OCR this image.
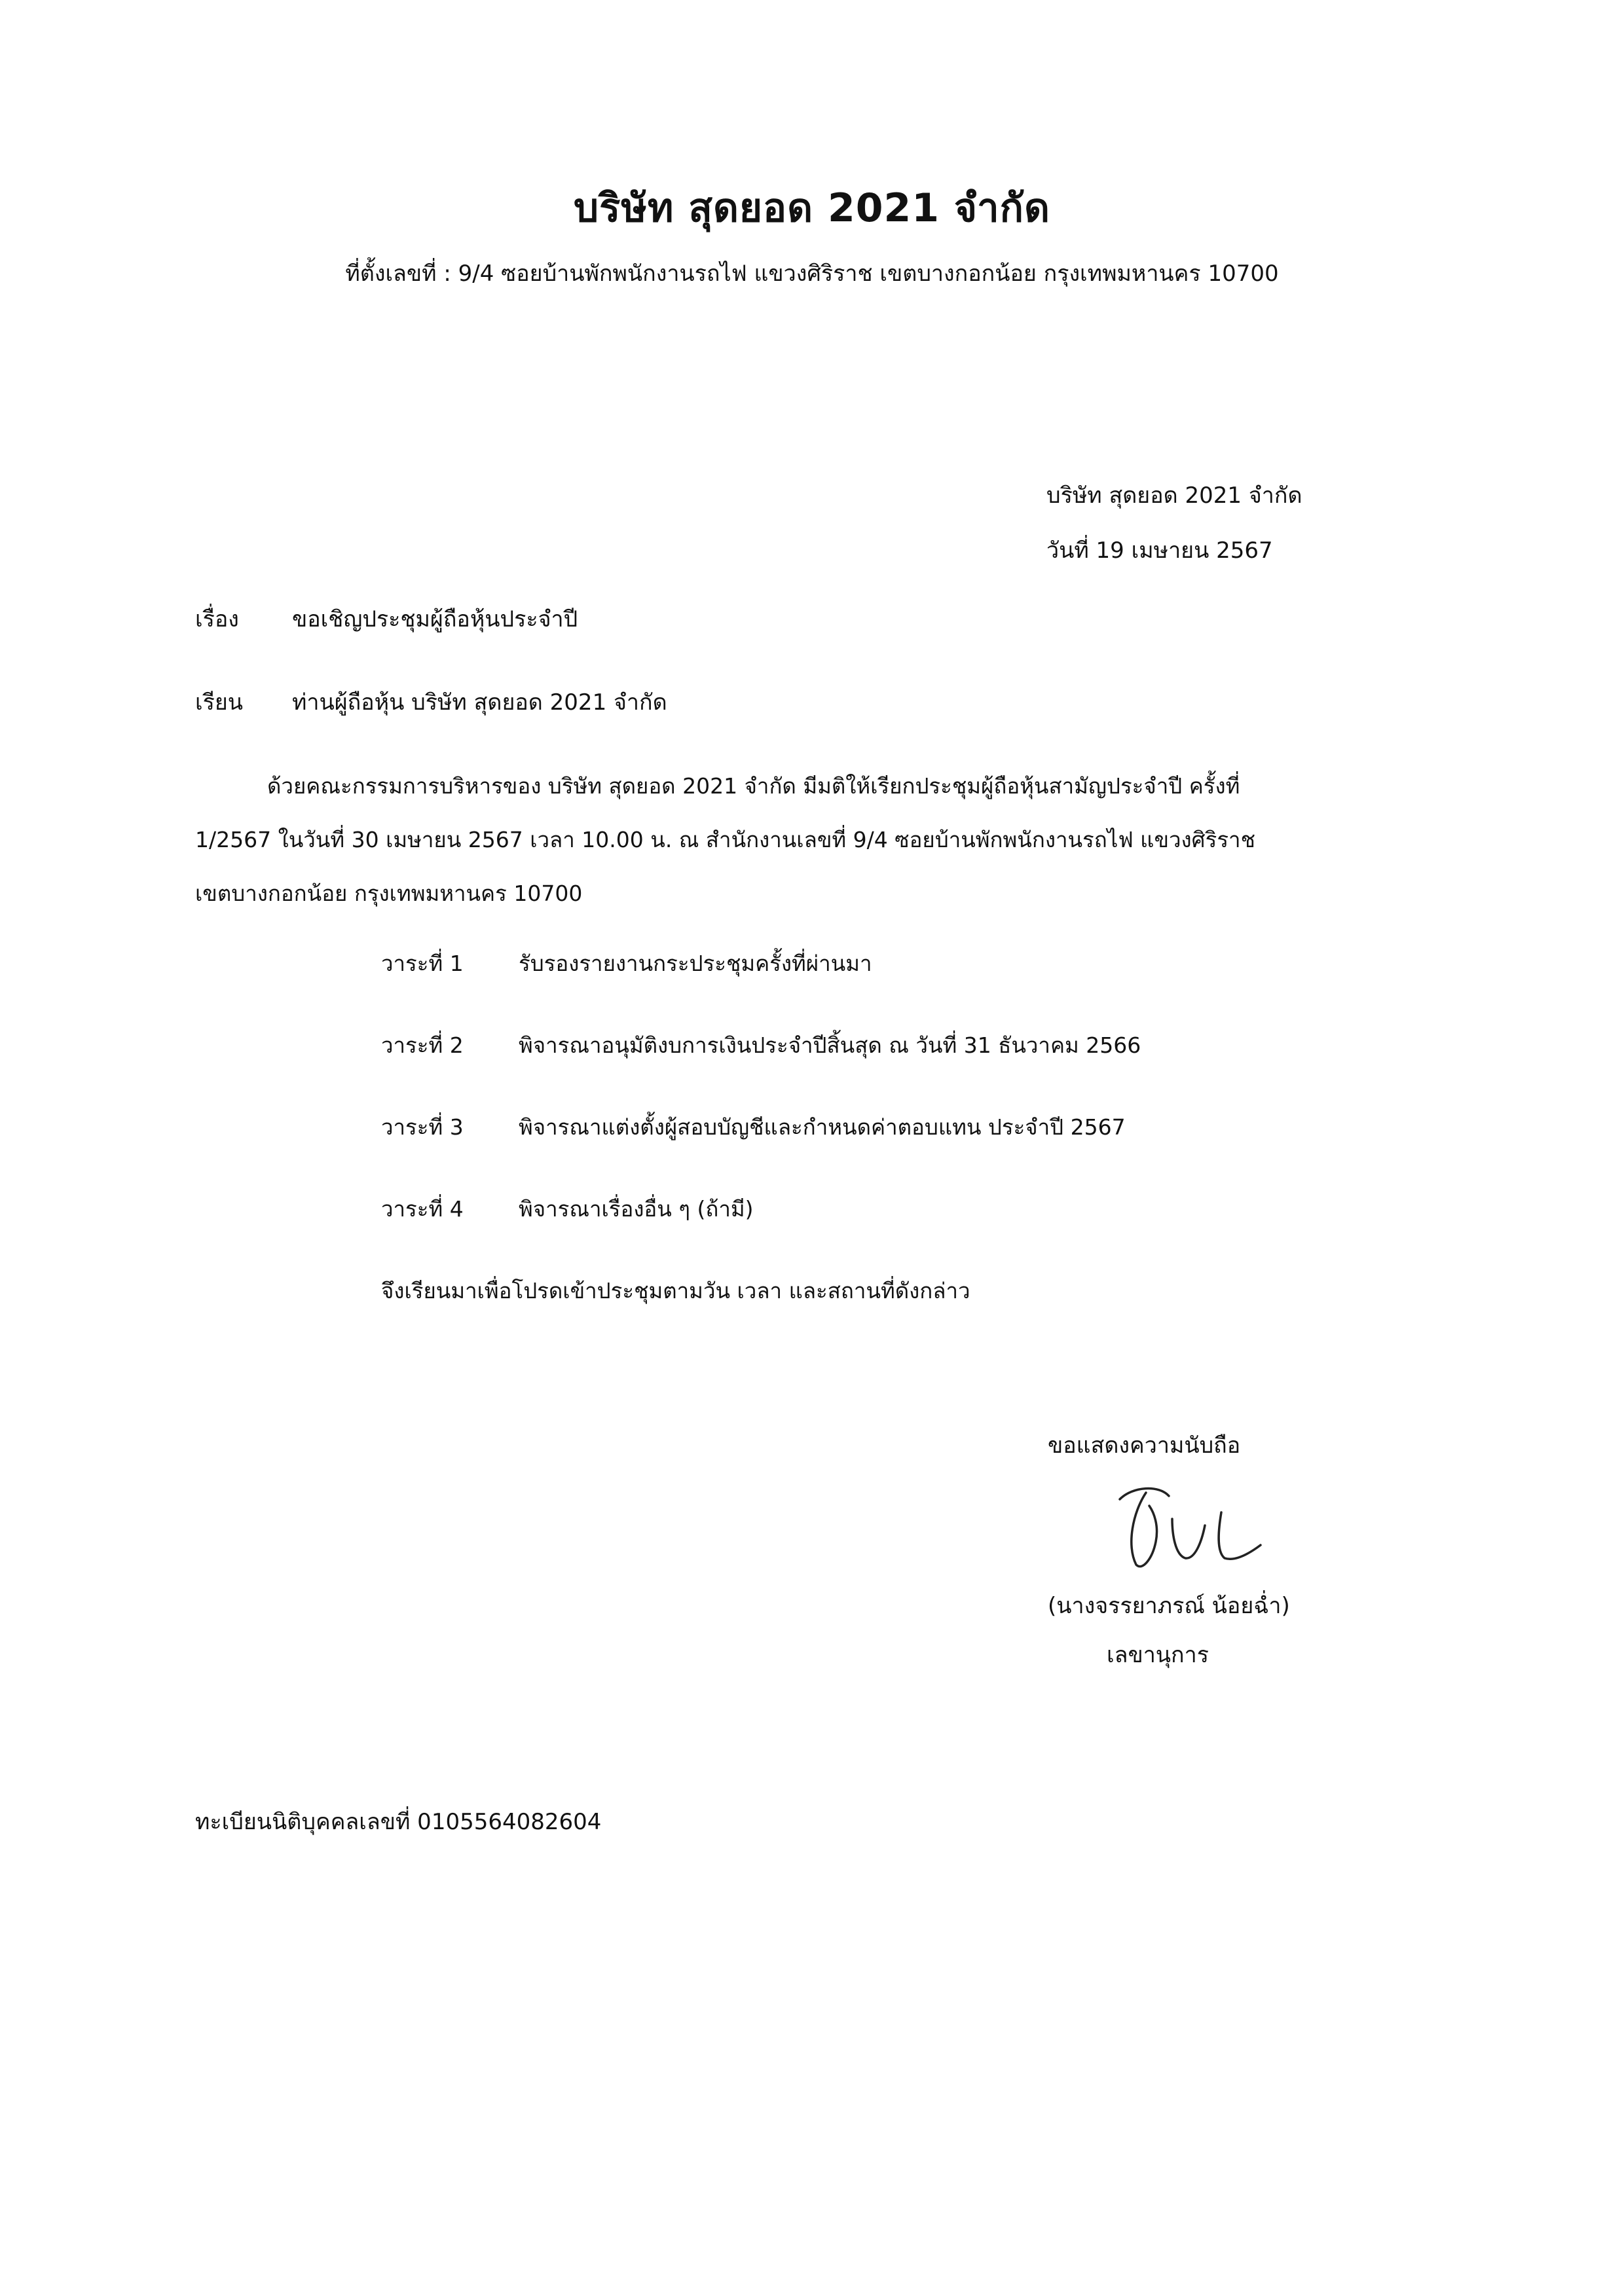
บริษัท สุดยอด 2021 จำกัด
ที่ตั้งเลขที่ : 9/4 ซอยบ้านพักพนักงานรถไฟ แขวงศิริราช เขตบางกอกน้อย กรุงเทพมหานคร 10700
บริษัท สุดยอด 2021 จำกัด
วันที่ 19 เมษายน 2567
เรื่อง ขอเชิญประชุมผู้ถือหุ้นประจำปี
เรียน ท่านผู้ถือหุ้น บริษัท สุดยอด 2021 จำกัด
ด้วยคณะกรรมการบริหารของ บริษัท สุดยอด 2021 จำกัด มีมติให้เรียกประชุมผู้ถือหุ้นสามัญประจำปี ครั้งที่
1/2567 ในวันที่ 30 เมษายน 2567 เวลา 10.00 น. ณ สำนักงานเลขที่ 9/4 ซอยบ้านพักพนักงานรถไฟ แขวงศิริราช
เขตบางกอกน้อย กรุงเทพมหานคร 10700
วาระที่ 1	รับรองรายงานกระประชุมครั้งที่ผ่านมา
วาระที่ 2	พิจารณาอนุมัติงบการเงินประจำปีสิ้นสุด ณ วันที่ 31 ธันวาคม 2566
วาระที่ 3	พิจารณาแต่งตั้งผู้สอบบัญชีและกำหนดค่าตอบแทน ประจำปี 2567
วาระที่ 4	พิจารณาเรื่องอื่น ๆ (ถ้ามี)
จึงเรียนมาเพื่อโปรดเข้าประชุมตามวัน เวลา และสถานที่ดังกล่าว
ขอแสดงความนับถือ
(นางจรรยาภรณ์ น้อยฉ่ำ)
เลขานุการ
ทะเบียนนิติบุคคลเลขที่ 0105564082604
